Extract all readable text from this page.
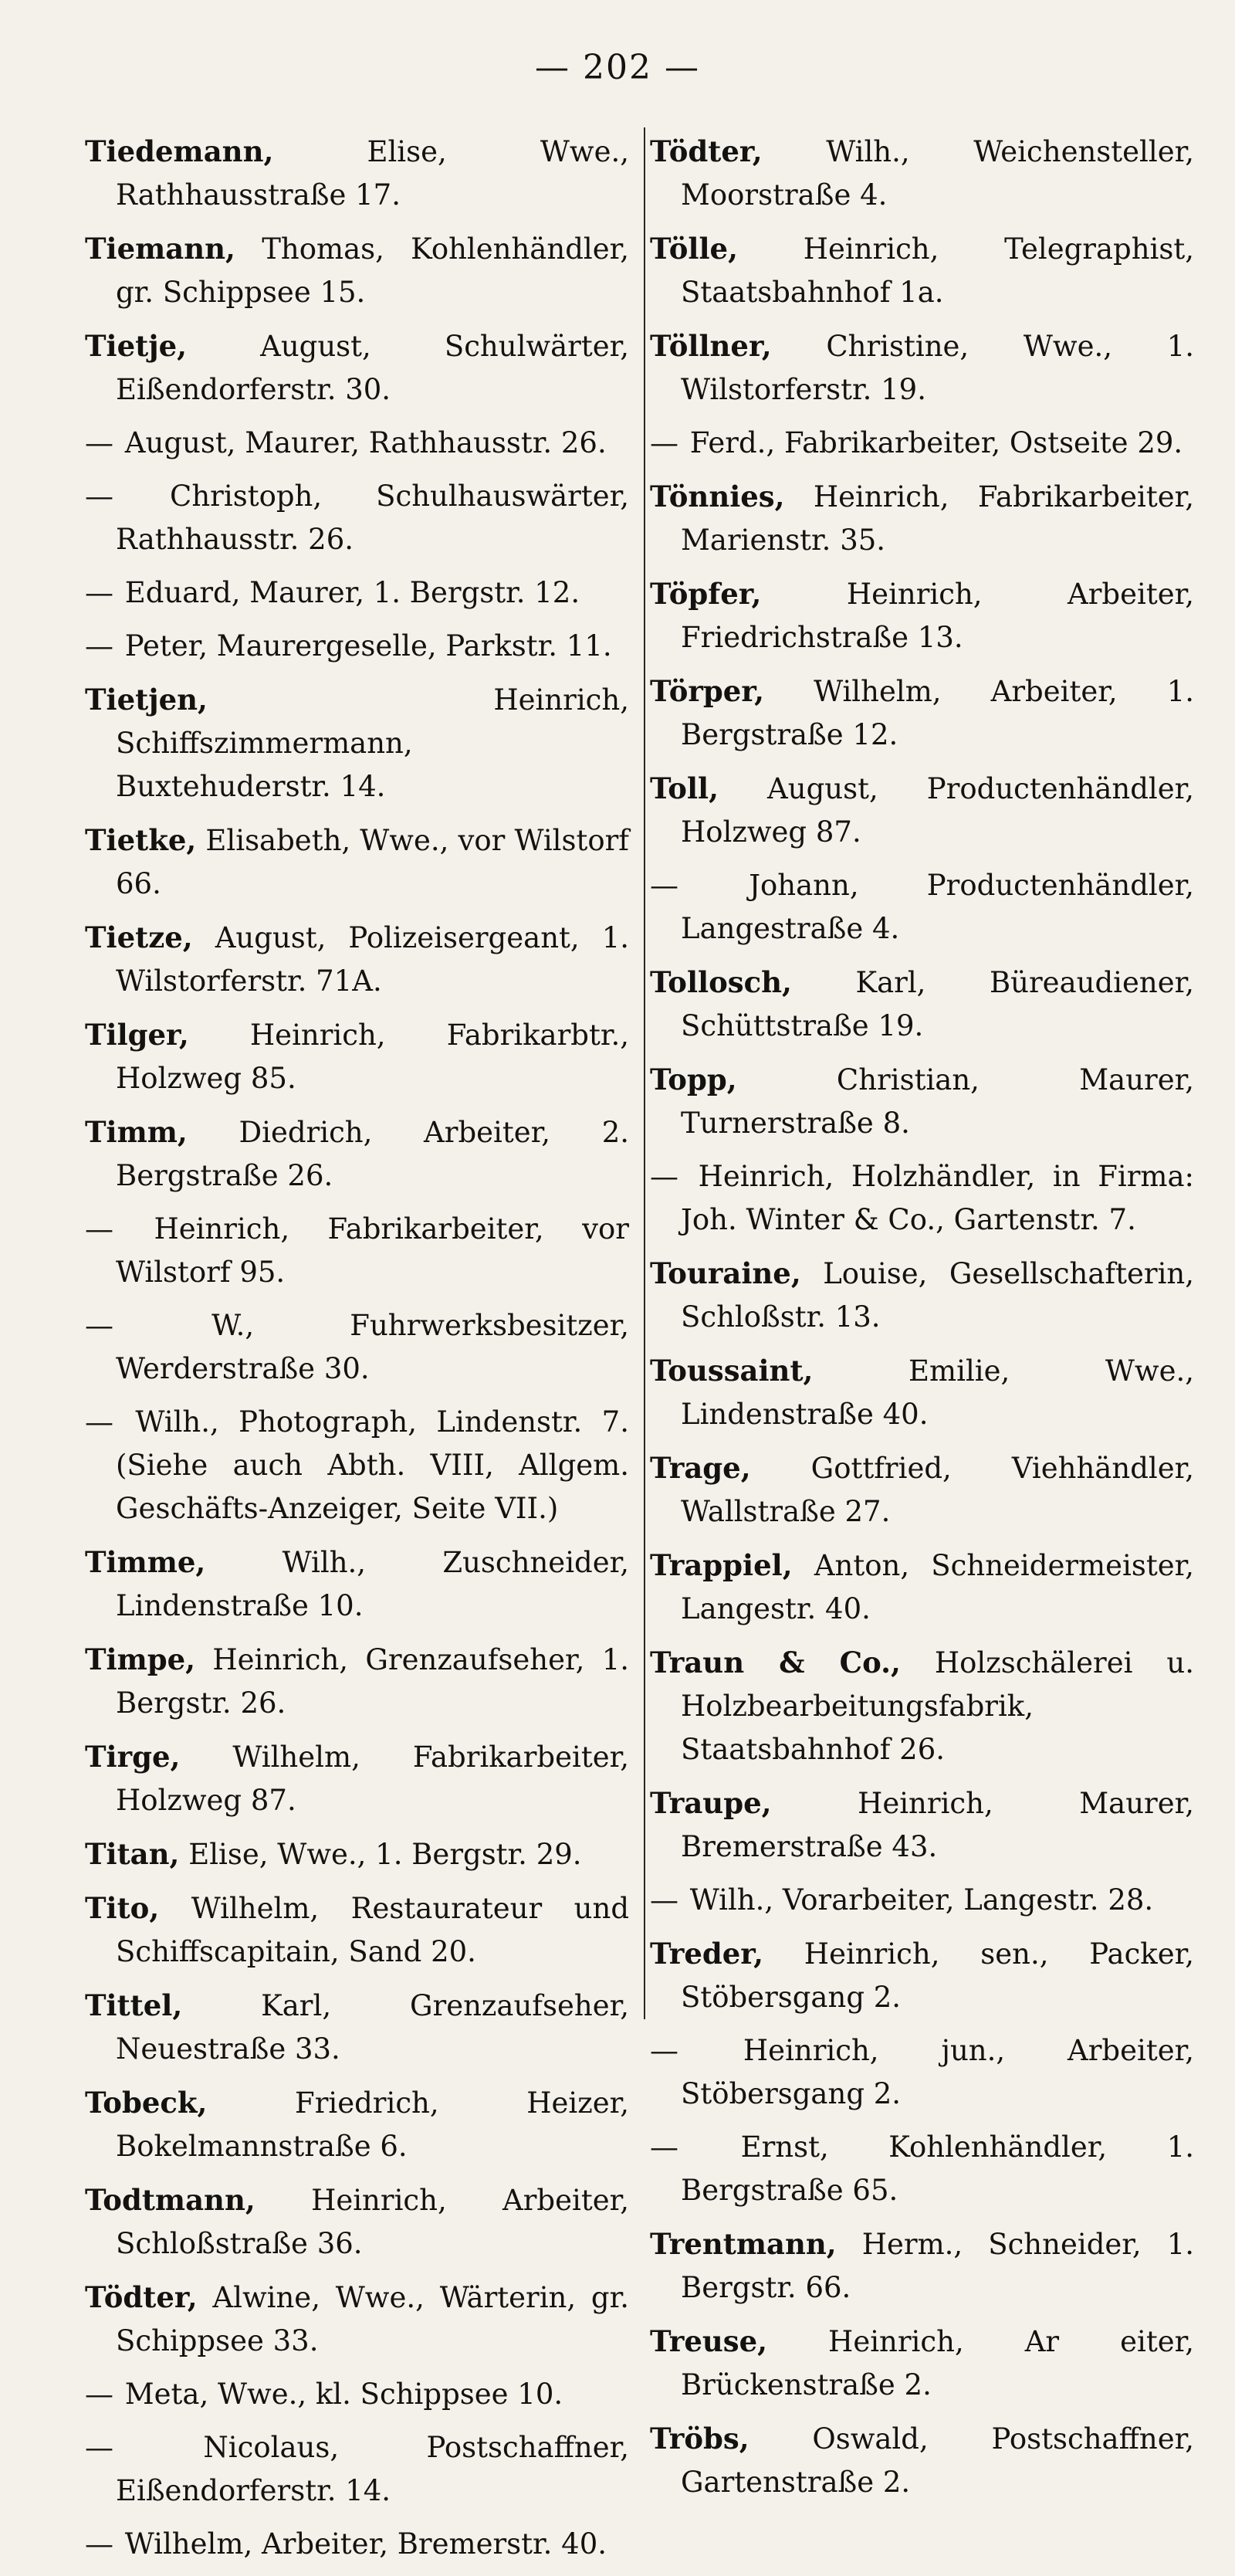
— 202 —
Tiedemann,	Elise, Wwe., Rathhausstraße 17.
Tiemann, Thomas, Kohlenhändler, gr. Schippsee 15.
Tietje,	August, Schulwärter, Eißendorferstr. 30.
— August, Maurer, Rathhausstr. 26.
— Christoph, Schulhauswärter, Rathhausstr. 26.
— Eduard, Maurer, 1. Bergstr. 12.
— Peter, Maurergeselle, Parkstr. 11.
Tietjen,	Heinrich, Schiffszimmermann, Buxtehuderstr. 14.
Tietke, Elisabeth, Wwe., vor Wilstorf 66.
Tietze, August, Polizeisergeant, 1. Wilstorferstr. 71A.
Tilger, Heinrich, Fabrikarbtr., Holzweg 85.
Timm, Diedrich, Arbeiter, 2. Bergstraße 26.
— Heinrich, Fabrikarbeiter, vor Wilstorf 95.
—	W., Fuhrwerksbesitzer, Werderstraße 30.
— Wilh., Photograph, Lindenstr. 7. (Siehe auch Abth. VIII, Allgem. Geschäfts-Anzeiger, Seite VII.)
Timme,	Wilh., Zuschneider, Lindenstraße 10.
Timpe, Heinrich, Grenzaufseher, 1. Bergstr. 26.
Tirge, Wilhelm, Fabrikarbeiter, Holzweg 87.
Titan, Elise, Wwe., 1. Bergstr. 29.
Tito, Wilhelm, Restaurateur und Schiffscapitain, Sand 20.
Tittel,	Karl, Grenzaufseher, Neuestraße 33.
Tobeck,	Friedrich, Heizer, Bokelmannstraße 6.
Todtmann, Heinrich, Arbeiter, Schloßstraße 36.
Tödter, Alwine, Wwe., Wärterin, gr. Schippsee 33.
— Meta, Wwe., kl. Schippsee 10.
—	Nicolaus, Postschaffner, Eißendorferstr. 14.
— Wilhelm, Arbeiter, Bremerstr. 40.
Tödter, Wilh., Weichensteller, Moorstraße 4.
Tölle, Heinrich, Telegraphist, Staatsbahnhof 1a.
Töllner, Christine, Wwe., 1. Wilstorferstr. 19.
— Ferd., Fabrikarbeiter, Ostseite 29.
Tönnies, Heinrich, Fabrikarbeiter, Marienstr. 35.
Töpfer,	Heinrich, Arbeiter, Friedrichstraße 13.
Törper, Wilhelm, Arbeiter, 1. Bergstraße 12.
Toll, August, Productenhändler, Holzweg 87.
— Johann, Productenhändler, Langestraße 4.
Tollosch, Karl, Büreaudiener, Schüttstraße 19.
Topp,	Christian, Maurer, Turnerstraße 8.
— Heinrich, Holzhändler, in Firma: Joh. Winter & Co., Gartenstr. 7.
Touraine, Louise, Gesellschafterin, Schloßstr. 13.
Toussaint,	Emilie, Wwe., Lindenstraße 40.
Trage, Gottfried, Viehhändler, Wallstraße 27.
Trappiel, Anton, Schneidermeister, Langestr. 40.
Traun & Co., Holzschälerei u. Holzbearbeitungsfabrik, Staatsbahnhof 26.
Traupe,	Heinrich, Maurer, Bremerstraße 43.
— Wilh., Vorarbeiter, Langestr. 28.
Treder, Heinrich, sen., Packer, Stöbersgang 2.
— Heinrich, jun., Arbeiter, Stöbersgang 2.
— Ernst, Kohlenhändler, 1. Bergstraße 65.
Trentmann, Herm., Schneider, 1. Bergstr. 66.
Treuse, Heinrich, Ar eiter, Brückenstraße 2.
Tröbs, Oswald, Postschaffner, Gartenstraße 2.
